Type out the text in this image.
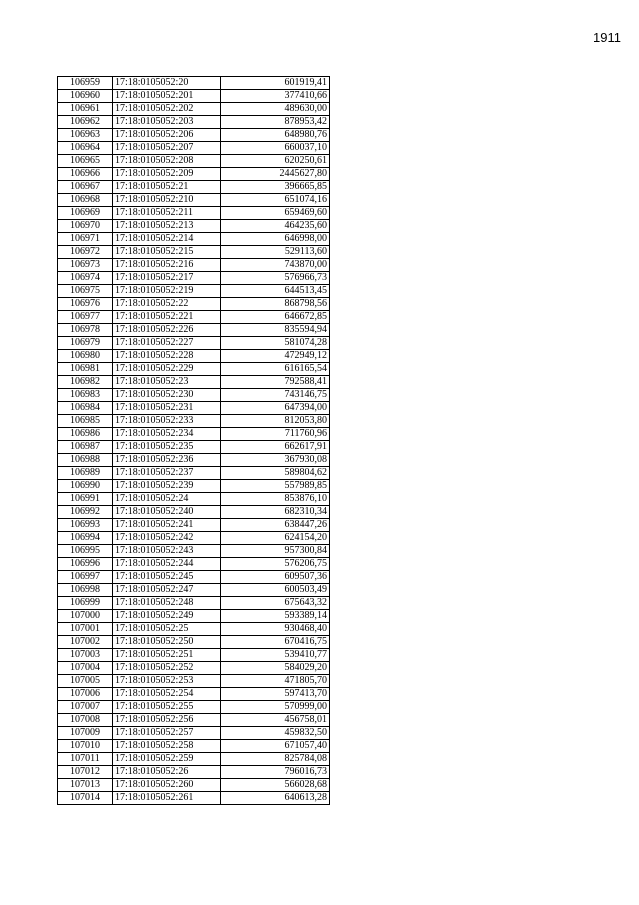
1911
106959	17:18:0105052:20	601919,41
106960	17:18:0105052:201	377410,66
106961	17:18:0105052:202	489630,00
106962	17:18:0105052:203	878953,42
106963	17:18:0105052:206	648980,76
106964	17:18:0105052:207	660037,10
106965	17:18:0105052:208	620250,61
106966	17:18:0105052:209	2445627,80
106967	17:18:0105052:21	396665,85
106968	17:18:0105052:210	651074,16
106969	17:18:0105052:211	659469,60
106970	17:18:0105052:213	464235,60
106971	17:18:0105052:214	646998,00
106972	17:18:0105052:215	529113,60
106973	17:18:0105052:216	743870,00
106974	17:18:0105052:217	576966,73
106975	17:18:0105052:219	644513,45
106976	17:18:0105052:22	868798,56
106977	17:18:0105052:221	646672,85
106978	17:18:0105052:226	835594,94
106979	17:18:0105052:227	581074,28
106980	17:18:0105052:228	472949,12
106981	17:18:0105052:229	616165,54
106982	17:18:0105052:23	792588,41
106983	17:18:0105052:230	743146,75
106984	17:18:0105052:231	647394,00
106985	17:18:0105052:233	812053,80
106986	17:18:0105052:234	711760,96
106987	17:18:0105052:235	662617,91
106988	17:18:0105052:236	367930,08
106989	17:18:0105052:237	589804,62
106990	17:18:0105052:239	557989,85
106991	17:18:0105052:24	853876,10
106992	17:18:0105052:240	682310,34
106993	17:18:0105052:241	638447,26
106994	17:18:0105052:242	624154,20
106995	17:18:0105052:243	957300,84
106996	17:18:0105052:244	576206,75
106997	17:18:0105052:245	609507,36
106998	17:18:0105052:247	600503,49
106999	17:18:0105052:248	675643,32
107000	17:18:0105052:249	593389,14
107001	17:18:0105052:25	930468,40
107002	17:18:0105052:250	670416,75
107003	17:18:0105052:251	539410,77
107004	17:18:0105052:252	584029,20
107005	17:18:0105052:253	471805,70
107006	17:18:0105052:254	597413,70
107007	17:18:0105052:255	570999,00
107008	17:18:0105052:256	456758,01
107009	17:18:0105052:257	459832,50
107010	17:18:0105052:258	671057,40
107011	17:18:0105052:259	825784,08
107012	17:18:0105052:26	796016,73
107013	17:18:0105052:260	566028,68
107014	17:18:0105052:261	640613,28
